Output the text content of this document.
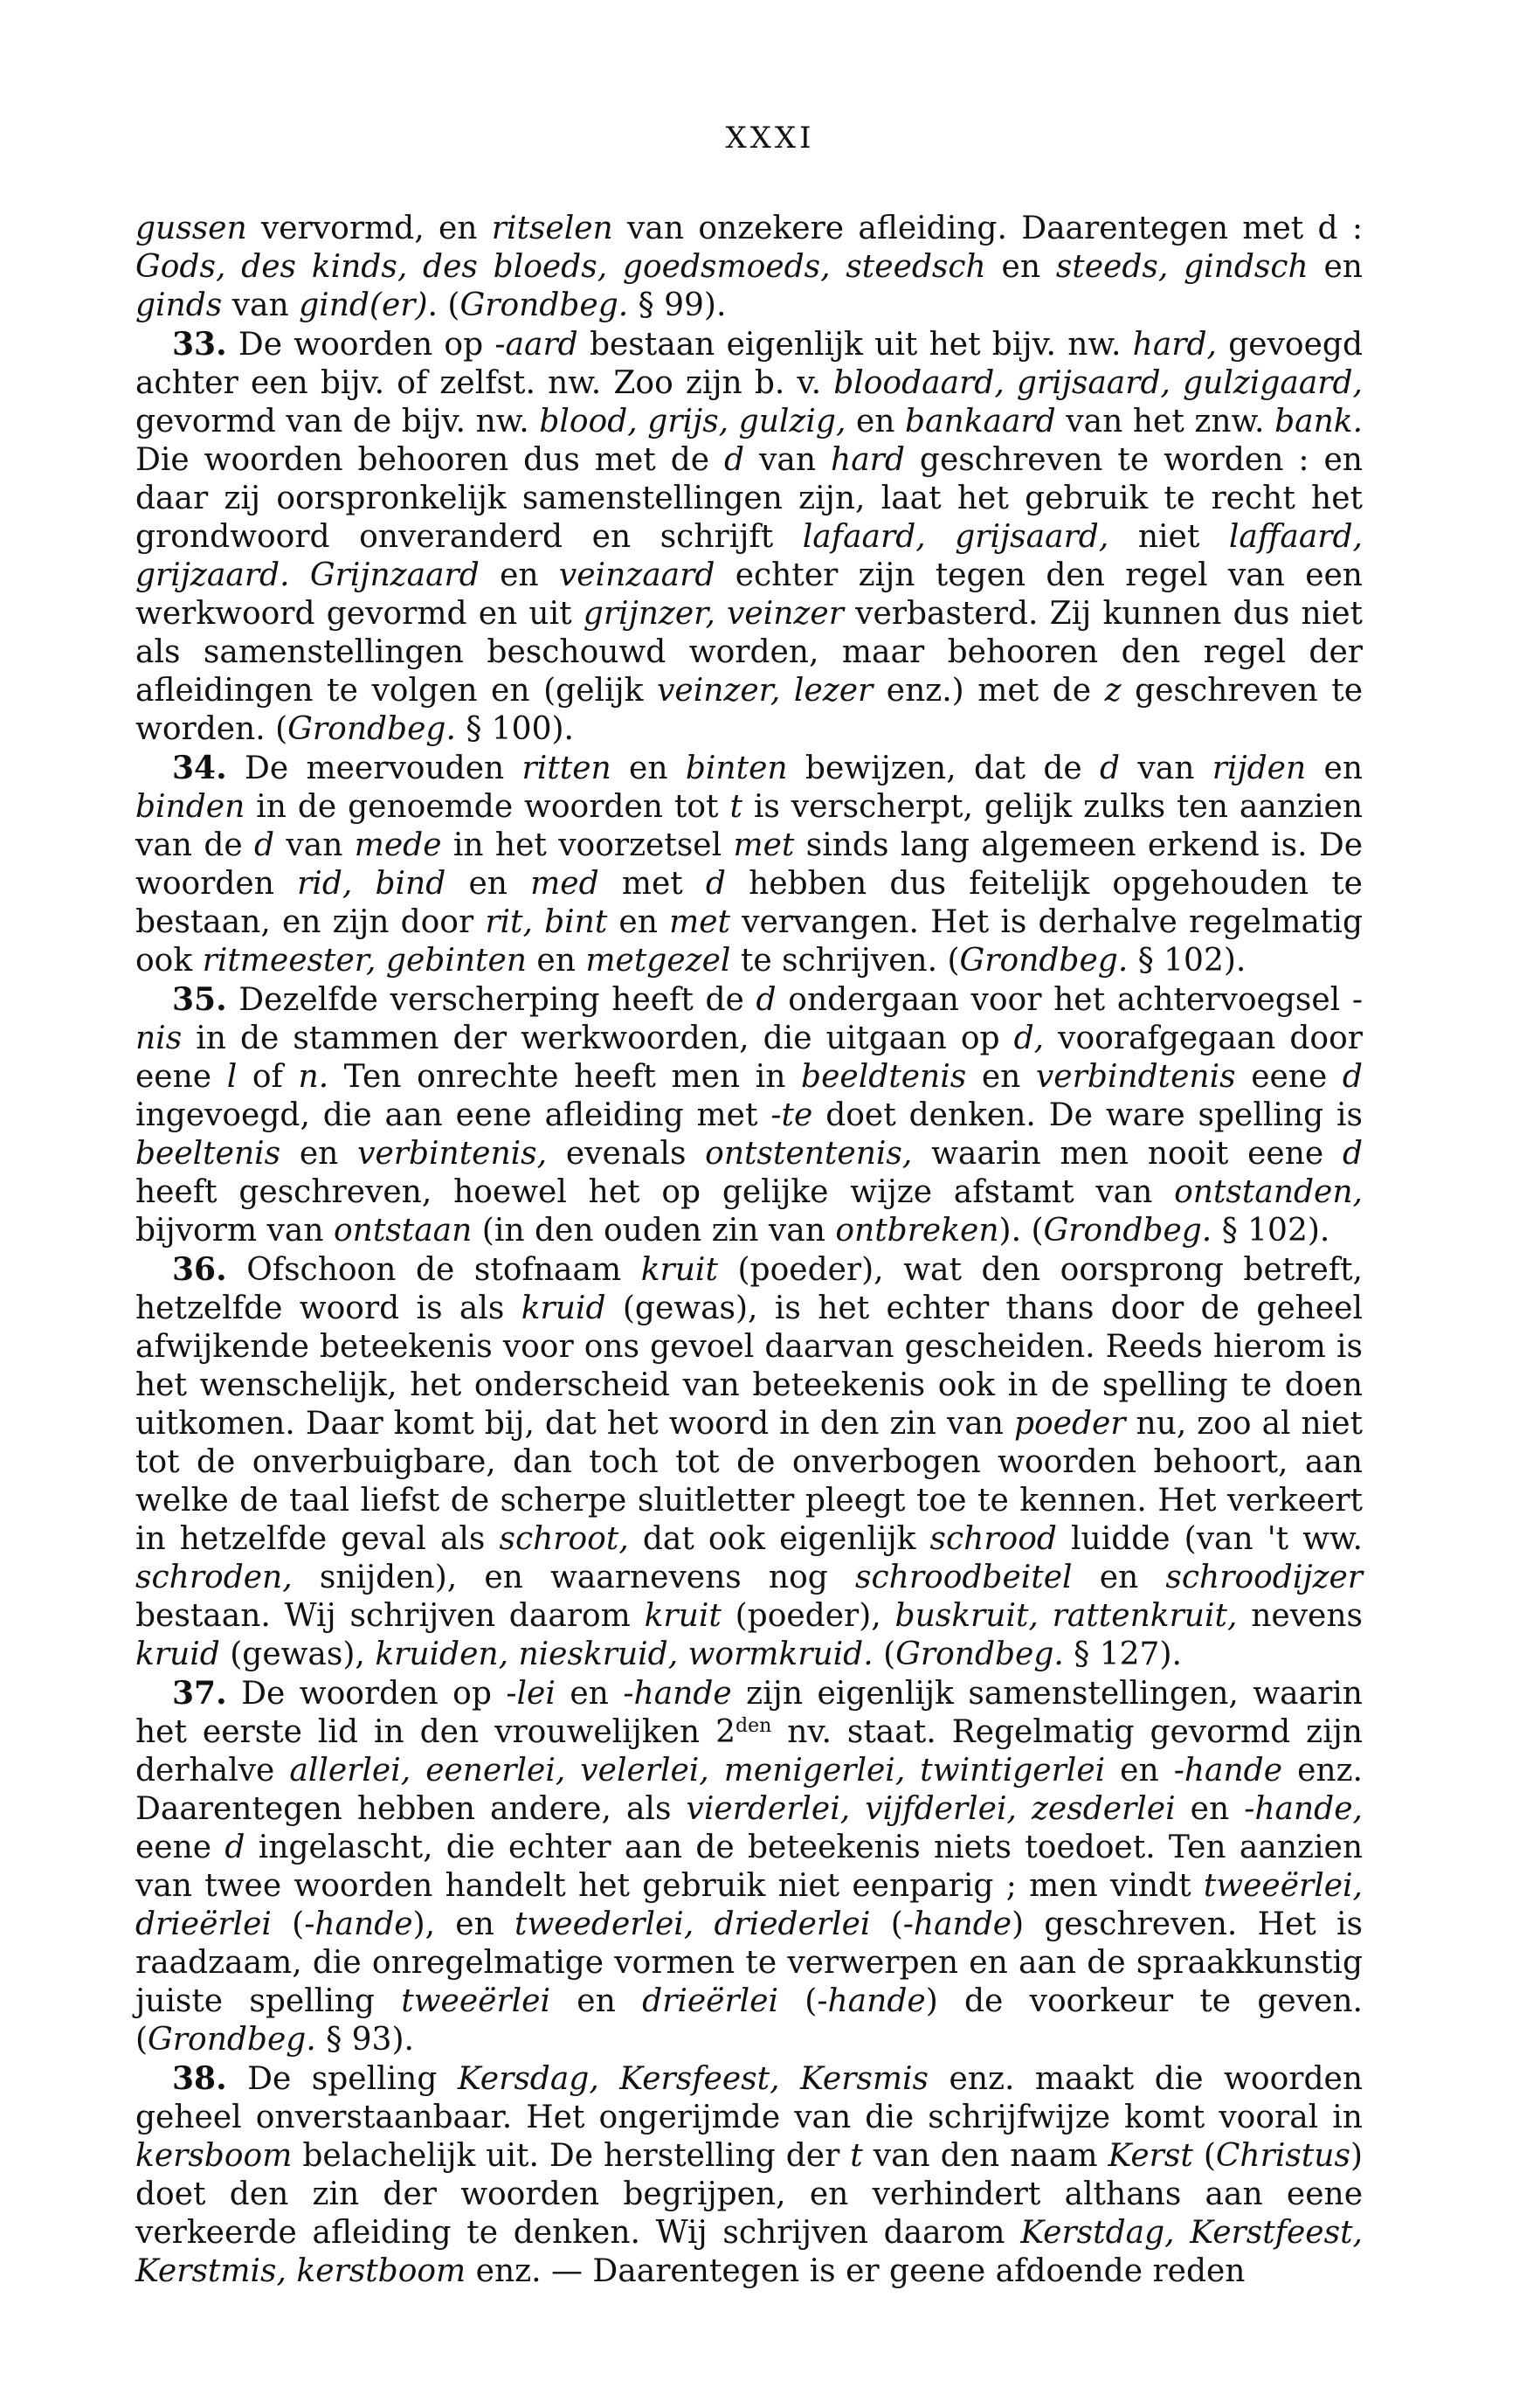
XXXI

gussen vervormd, en ritselen van onzekere afleiding. Daarentegen met d : Gods, des kinds, des bloeds, goedsmoeds, steedsch en steeds, gindsch en ginds van gind(er). (Grondbeg. § 99).

33. De woorden op -aard bestaan eigenlijk uit het bijv. nw. hard, gevoegd achter een bijv. of zelfst. nw. Zoo zijn b. v. bloodaard, grijsaard, gulzigaard, gevormd van de bijv. nw. blood, grijs, gulzig, en bankaard van het znw. bank. Die woorden behooren dus met de d van hard geschreven te worden : en daar zij oorspronkelijk samenstellingen zijn, laat het gebruik te recht het grondwoord onveranderd en schrijft lafaard, grijsaard, niet laffaard, grijzaard. Grijnzaard en veinzaard echter zijn tegen den regel van een werkwoord gevormd en uit grijnzer, veinzer verbasterd. Zij kunnen dus niet als samenstellingen beschouwd worden, maar behooren den regel der afleidingen te volgen en (gelijk veinzer, lezer enz.) met de z geschreven te worden. (Grondbeg. § 100).

34. De meervouden ritten en binten bewijzen, dat de d van rijden en binden in de genoemde woorden tot t is verscherpt, gelijk zulks ten aanzien van de d van mede in het voorzetsel met sinds lang algemeen erkend is. De woorden rid, bind en med met d hebben dus feitelijk opgehouden te bestaan, en zijn door rit, bint en met vervangen. Het is derhalve regelmatig ook ritmeester, gebinten en metgezel te schrijven. (Grondbeg. § 102).

35. Dezelfde verscherping heeft de d ondergaan voor het achtervoegsel -nis in de stammen der werkwoorden, die uitgaan op d, voorafgegaan door eene l of n. Ten onrechte heeft men in beeldtenis en verbindtenis eene d ingevoegd, die aan eene afleiding met -te doet denken. De ware spelling is beeltenis en verbintenis, evenals ontstentenis, waarin men nooit eene d heeft geschreven, hoewel het op gelijke wijze afstamt van ontstanden, bijvorm van ontstaan (in den ouden zin van ontbreken). (Grondbeg. § 102).

36. Ofschoon de stofnaam kruit (poeder), wat den oorsprong betreft, hetzelfde woord is als kruid (gewas), is het echter thans door de geheel afwijkende beteekenis voor ons gevoel daarvan gescheiden. Reeds hierom is het wenschelijk, het onderscheid van beteekenis ook in de spelling te doen uitkomen. Daar komt bij, dat het woord in den zin van poeder nu, zoo al niet tot de onverbuigbare, dan toch tot de onverbogen woorden behoort, aan welke de taal liefst de scherpe sluitletter pleegt toe te kennen. Het verkeert in hetzelfde geval als schroot, dat ook eigenlijk schrood luidde (van 't ww. schroden, snijden), en waarnevens nog schroodbeitel en schroodijzer bestaan. Wij schrijven daarom kruit (poeder), buskruit, rattenkruit, nevens kruid (gewas), kruiden, nieskruid, wormkruid. (Grondbeg. § 127).

37. De woorden op -lei en -hande zijn eigenlijk samenstellingen, waarin het eerste lid in den vrouwelijken $2^{den}$ nv. staat. Regelmatig gevormd zijn derhalve allerlei, eenerlei, velerlei, menigerlei, twintigerlei en -hande enz. Daarentegen hebben andere, als vierderlei, vijfderlei, zesderlei en -hande, eene d ingelascht, die echter aan de beteekenis niets toedoet. Ten aanzien van twee woorden handelt het gebruik niet eenparig ; men vindt tweeërlei, drieërlei (-hande), en tweederlei, driederlei (-hande) geschreven. Het is raadzaam, die onregelmatige vormen te verwerpen en aan de spraakkunstig juiste spelling tweeërlei en drieërlei (-hande) de voorkeur te geven. (Grondbeg. § 93).

38. De spelling Kersdag, Kersfeest, Kersmis enz. maakt die woorden geheel onverstaanbaar. Het ongerijmde van die schrijfwijze komt vooral in kersboom belachelijk uit. De herstelling der t van den naam Kerst (Christus) doet den zin der woorden begrijpen, en verhindert althans aan eene verkeerde afleiding te denken. Wij schrijven daarom Kerstdag, Kerstfeest, Kerstmis, kerstboom enz. — Daarentegen is er geene afdoende reden
